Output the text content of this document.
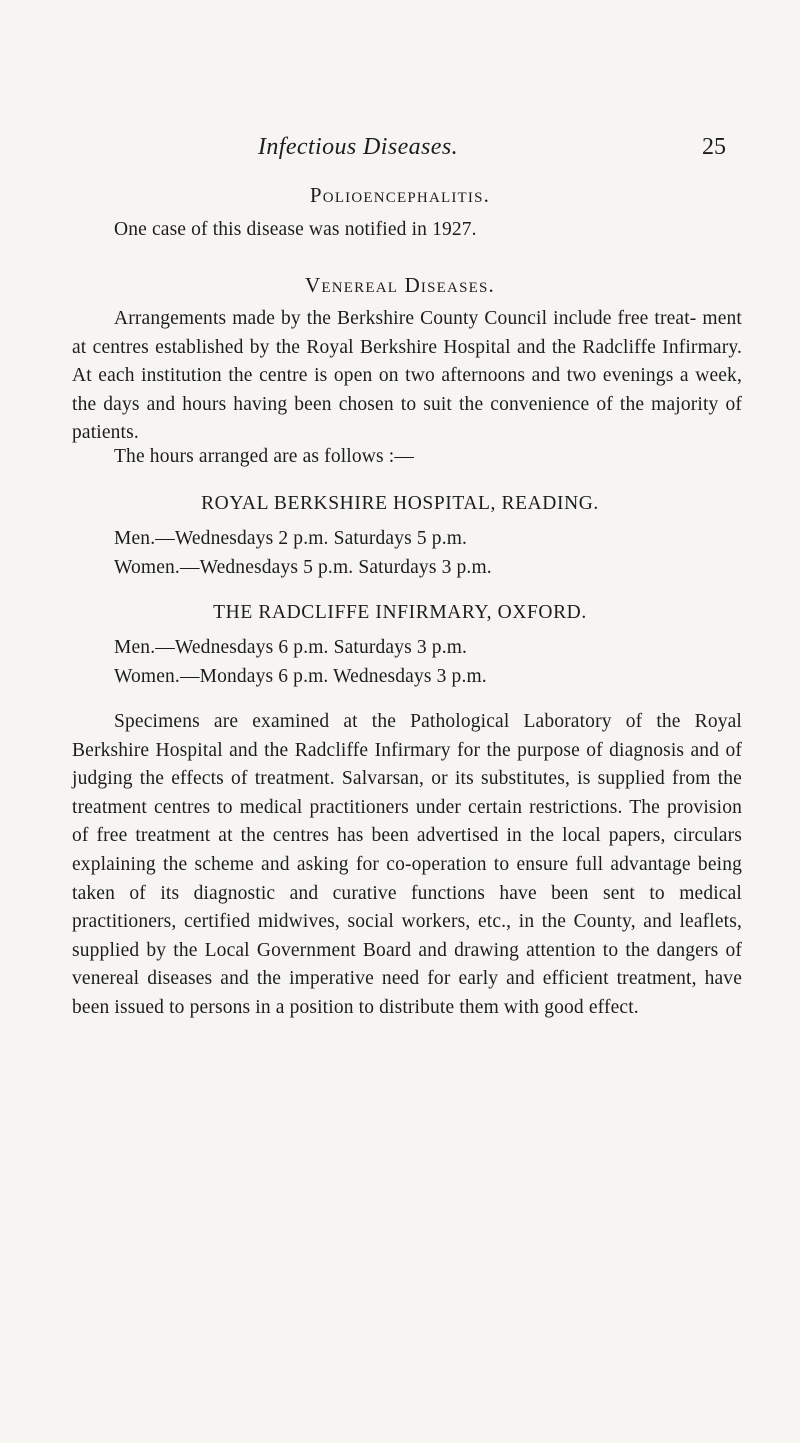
Infectious Diseases.	25
Polioencephalitis.
One case of this disease was notified in 1927.
Venereal Diseases.
Arrangements made by the Berkshire County Council include free treat- ment at centres established by the Royal Berkshire Hospital and the Radcliffe Infirmary. At each institution the centre is open on two afternoons and two evenings a week, the days and hours having been chosen to suit the convenience of the majority of patients.
The hours arranged are as follows :—
ROYAL BERKSHIRE HOSPITAL, READING.
Men.—Wednesdays 2 p.m. Saturdays 5 p.m.
Women.—Wednesdays 5 p.m. Saturdays 3 p.m.
THE RADCLIFFE INFIRMARY, OXFORD.
Men.—Wednesdays 6 p.m. Saturdays 3 p.m.
Women.—Mondays 6 p.m. Wednesdays 3 p.m.
Specimens are examined at the Pathological Laboratory of the Royal Berkshire Hospital and the Radcliffe Infirmary for the purpose of diagnosis and of judging the effects of treatment. Salvarsan, or its substitutes, is supplied from the treatment centres to medical practitioners under certain restrictions. The provision of free treatment at the centres has been advertised in the local papers, circulars explaining the scheme and asking for co-operation to ensure full advantage being taken of its diagnostic and curative functions have been sent to medical practitioners, certified midwives, social workers, etc., in the County, and leaflets, supplied by the Local Government Board and drawing attention to the dangers of venereal diseases and the imperative need for early and efficient treatment, have been issued to persons in a position to distribute them with good effect.
